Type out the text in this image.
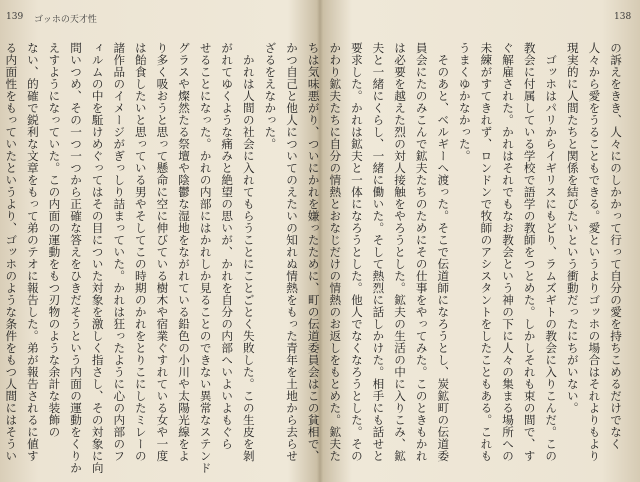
139 ゴッホの天才性
かつ自己と他人についてのえたいの知れぬ情熱をもった青年を土地から去らせ
ざるをえなかった。
　かれは人間の社会に入れてもらうことにことごとく失敗した。この生皮を剝
がれてゆくような痛みと絶望の思いが、かれを自分の内部へいよいよもぐら
せることになった。かれの内部にはかれしか見ることのできない異常なステンド
グラスや燦然たる祭壇や陰鬱な湿地をながれている鉛色の小川や太陽光線をよ
り多く吸おうと思って懸命に空に伸びている樹木や宿業ぐすれている女や一度
は飴食したいと思っている男やそしてこの時期のかれをとりこにしたミレーの
諸作品のイメージがぎっしり詰まっていた。かれは狂ったように心の内部のフ
ィルムの中を駈けめぐってはその目についた対象を激しく指さし、その対象に向
問いつめ、その一つ一つから正確な答えをひきだそうという内面の運動をくりか
えすようになっていた。この内面の運動をもつ刃物のような余計な装飾の
ない、的確で鋭利な文章をもって弟のテオに報告した。弟が報告されるに値す
る内面性をもっていたというより、ゴッホのような条件をもつ人間にはそうい
138
の訴えをきき、人々にのしかかって行って自分の愛を持ちこめるだけでなく
人々から愛をうることもできる。愛というよりゴッホの場合はそれよりもより
現実的に人間たちと関係を結びたいという衝動だったにちがいない。
　ゴッホはパリからイギリスにもどり、ラムズギトの教会に入りこんだ。この
教会に付属している学校で語学の教師をつとめた。しかしそれも束の間で、す
ぐ解雇された。かれはそれでもなお教会という神の下に人々の集まる場所への
未練がすてきれず、ロンドンで牧師のアシスタントをしたこともある。これも
うまくゆかなかった。
　そのあと、ベルギーへ渡った。そこで伝道師になろうとし、炭鉱町の伝道委
員会にたのみこんで鉱夫たちのためにその仕事をやってみた。このときもかれ
は必要を越えた烈の対人接触をやろうとした。鉱夫の生活の中に入りこみ、鉱
夫と一緒にくらし、一緒に働いた。そして熱烈に話しかけた。相手にも話せと
要求した。かれは鉱夫と一体になろうとした。他人でなくなろうとした。その
かわり鉱夫たちに自分の情熱とおなじだけの情熱のお返しをもとめた。鉱夫た
ちは気味悪がり、ついにかれを嫌ったために、町の伝道委員会はこの貧相で、
